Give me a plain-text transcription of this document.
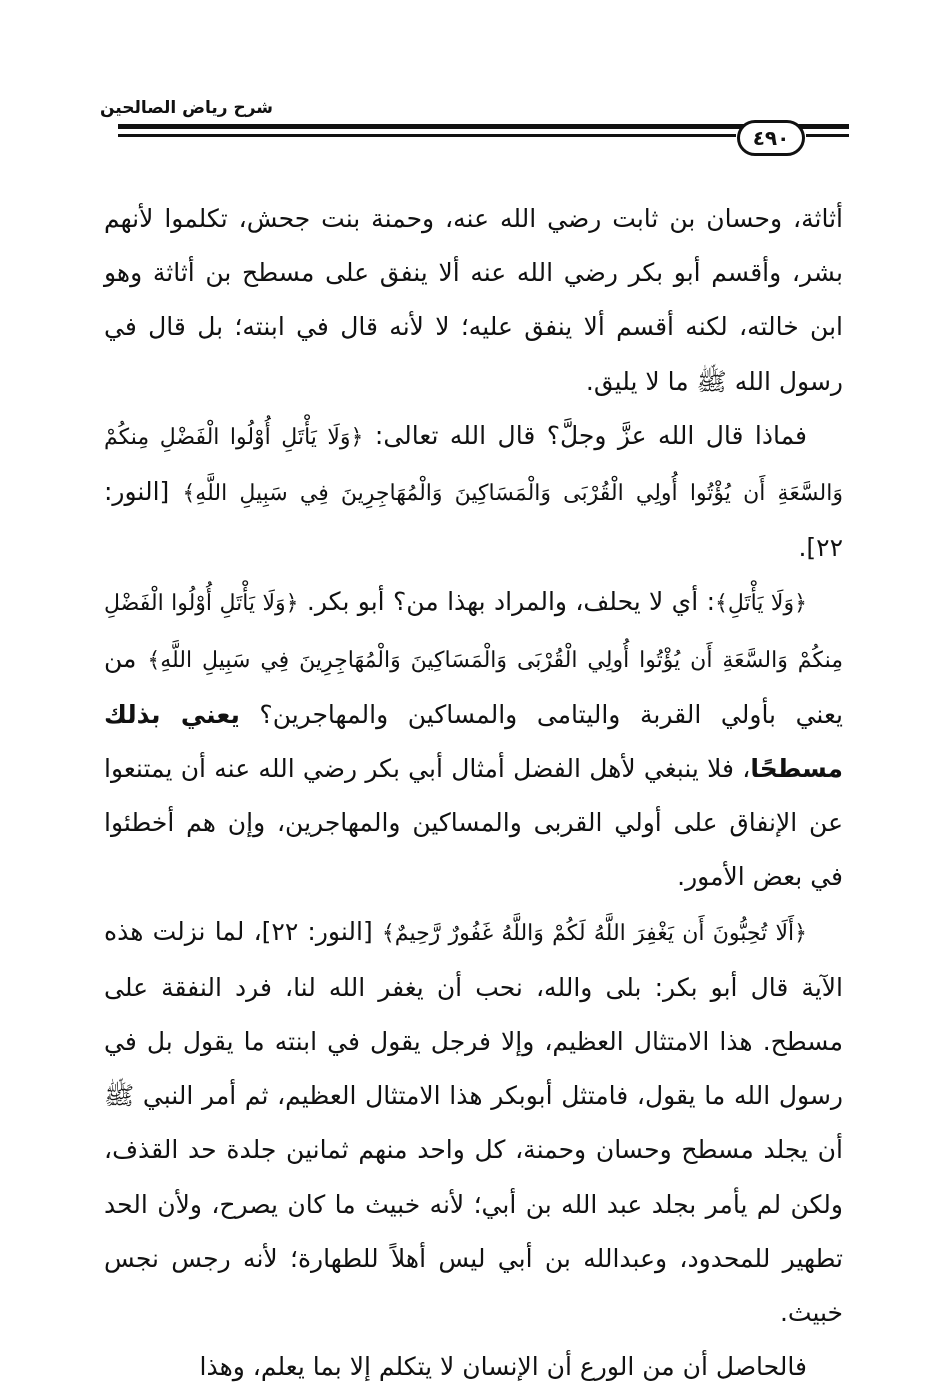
شرح رياض الصالحين
٤٩٠

أثاثة، وحسان بن ثابت رضي الله عنه، وحمنة بنت جحش، تكلموا لأنهم بشر، وأقسم أبو بكر رضي الله عنه ألا ينفق على مسطح بن أثاثة وهو ابن خالته، لكنه أقسم ألا ينفق عليه؛ لا لأنه قال في ابنته؛ بل قال في رسول الله ﷺ ما لا يليق.

فماذا قال الله عزَّ وجلَّ؟ قال الله تعالى: ﴿وَلَا يَأْتَلِ أُوْلُوا الْفَضْلِ مِنكُمْ وَالسَّعَةِ أَن يُؤْتُوا أُولِي الْقُرْبَى وَالْمَسَاكِينَ وَالْمُهَاجِرِينَ فِي سَبِيلِ اللَّهِ﴾ [النور: ٢٢].

﴿وَلَا يَأْتَلِ﴾: أي لا يحلف، والمراد بهذا من؟ أبو بكر. ﴿وَلَا يَأْتَلِ أُوْلُوا الْفَضْلِ مِنكُمْ وَالسَّعَةِ أَن يُؤْتُوا أُولِي الْقُرْبَى وَالْمَسَاكِينَ وَالْمُهَاجِرِينَ فِي سَبِيلِ اللَّهِ﴾ من يعني بأولي القربة واليتامى والمساكين والمهاجرين؟ يعني بذلك مسطحًا، فلا ينبغي لأهل الفضل أمثال أبي بكر رضي الله عنه أن يمتنعوا عن الإنفاق على أولي القربى والمساكين والمهاجرين، وإن هم أخطئوا في بعض الأمور.

﴿أَلَا تُحِبُّونَ أَن يَغْفِرَ اللَّهُ لَكُمْ وَاللَّهُ غَفُورٌ رَّحِيمٌ﴾ [النور: ٢٢]، لما نزلت هذه الآية قال أبو بكر: بلى والله، نحب أن يغفر الله لنا، فرد النفقة على مسطح. هذا الامتثال العظيم، وإلا فرجل يقول في ابنته ما يقول بل في رسول الله ما يقول، فامتثل أبوبكر هذا الامتثال العظيم، ثم أمر النبي ﷺ أن يجلد مسطح وحسان وحمنة، كل واحد منهم ثمانين جلدة حد القذف، ولكن لم يأمر بجلد عبد الله بن أبي؛ لأنه خبيث ما كان يصرح، ولأن الحد تطهير للمحدود، وعبدالله بن أبي ليس أهلاً للطهارة؛ لأنه رجس نجس خبيث.

فالحاصل أن من الورع أن الإنسان لا يتكلم إلا بما يعلم، وهذا
